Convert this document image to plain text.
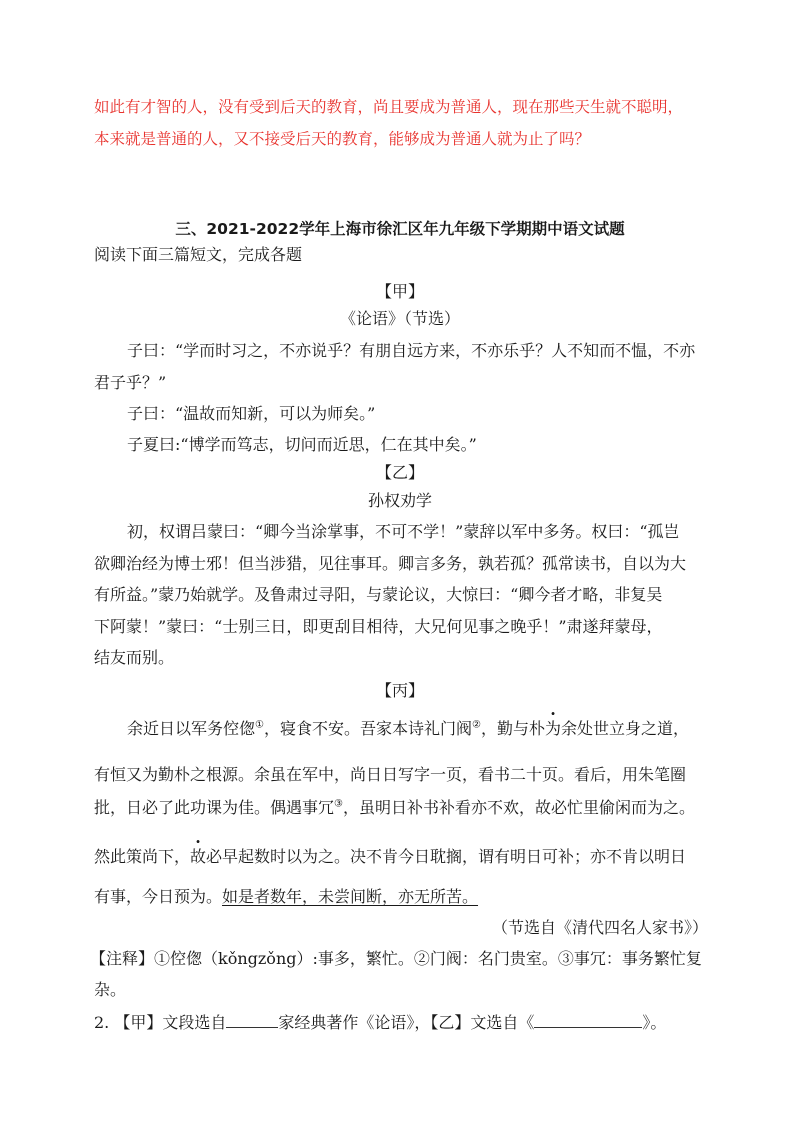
如此有才智的人，没有受到后天的教育，尚且要成为普通人，现在那些天生就不聪明，
本来就是普通的人，又不接受后天的教育，能够成为普通人就为止了吗？
三、2021-2022学年上海市徐汇区年九年级下学期期中语文试题
阅读下面三篇短文，完成各题
【甲】
《论语》（节选）
子曰：“学而时习之，不亦说乎？有朋自远方来，不亦乐乎？人不知而不愠，不亦
君子乎？”
子曰：“温故而知新，可以为师矣。”
子夏曰:“博学而笃志，切问而近思，仁在其中矣。”
【乙】
孙权劝学
初，权谓吕蒙曰：“卿今当涂掌事，不可不学！”蒙辞以军中多务。权曰：“孤岂
欲卿治经为博士邪！但当涉猎，见往事耳。卿言多务，孰若孤？孤常读书，自以为大
有所益。”蒙乃始就学。及鲁肃过寻阳，与蒙论议，大惊曰：“卿今者才略，非复吴
下阿蒙！”蒙曰：“士别三日，即更刮目相待，大兄何见事之晚乎！”肃遂拜蒙母，
结友而别。
【丙】
余近日以军务倥偬①，寝食不安。吾家本诗礼门阀②，勤与朴为余处世立身之道，
有恒又为勤朴之根源。余虽在军中，尚日日写字一页，看书二十页。看后，用朱笔圈
批，日必了此功课为佳。偶遇事冗③，虽明日补书补看亦不欢，故必忙里偷闲而为之。
然此策尚下，故必早起数时以为之。决不肯今日耽搁，谓有明日可补；亦不肯以明日
有事，今日预为。如是者数年，未尝间断，亦无所苦。
（节选自《清代四名人家书》）
【注释】①倥偬（kǒngzǒng）:事多，繁忙。②门阀：名门贵室。③事冗：事务繁忙复
杂。
2. 【甲】文段选自	家经典著作《论语》，【乙】文选自《	》。
